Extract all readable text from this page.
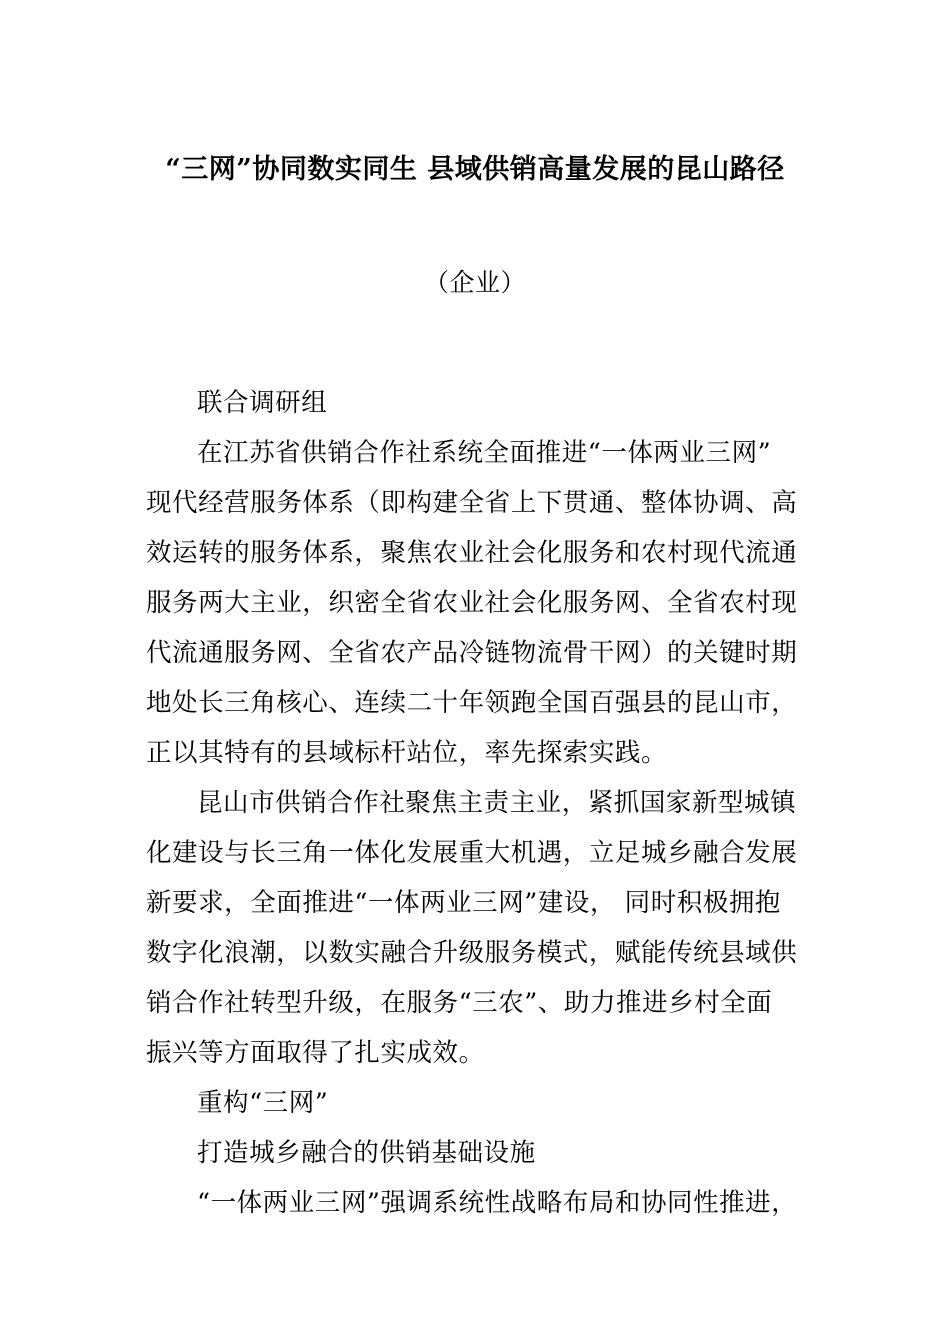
“三网”协同数实同生 县域供销高量发展的昆山路径
（企业）
联合调研组
在江苏省供销合作社系统全面推进“一体两业三网”
现代经营服务体系（即构建全省上下贯通、整体协调、高
效运转的服务体系，聚焦农业社会化服务和农村现代流通
服务两大主业，织密全省农业社会化服务网、全省农村现
代流通服务网、全省农产品冷链物流骨干网）的关键时期
地处长三角核心、连续二十年领跑全国百强县的昆山市，
正以其特有的县域标杆站位，率先探索实践。
昆山市供销合作社聚焦主责主业，紧抓国家新型城镇
化建设与长三角一体化发展重大机遇，立足城乡融合发展
新要求，全面推进“一体两业三网”建设， 同时积极拥抱
数字化浪潮，以数实融合升级服务模式，赋能传统县域供
销合作社转型升级，在服务“三农”、助力推进乡村全面
振兴等方面取得了扎实成效。
重构“三网”
打造城乡融合的供销基础设施
“一体两业三网”强调系统性战略布局和协同性推进，
